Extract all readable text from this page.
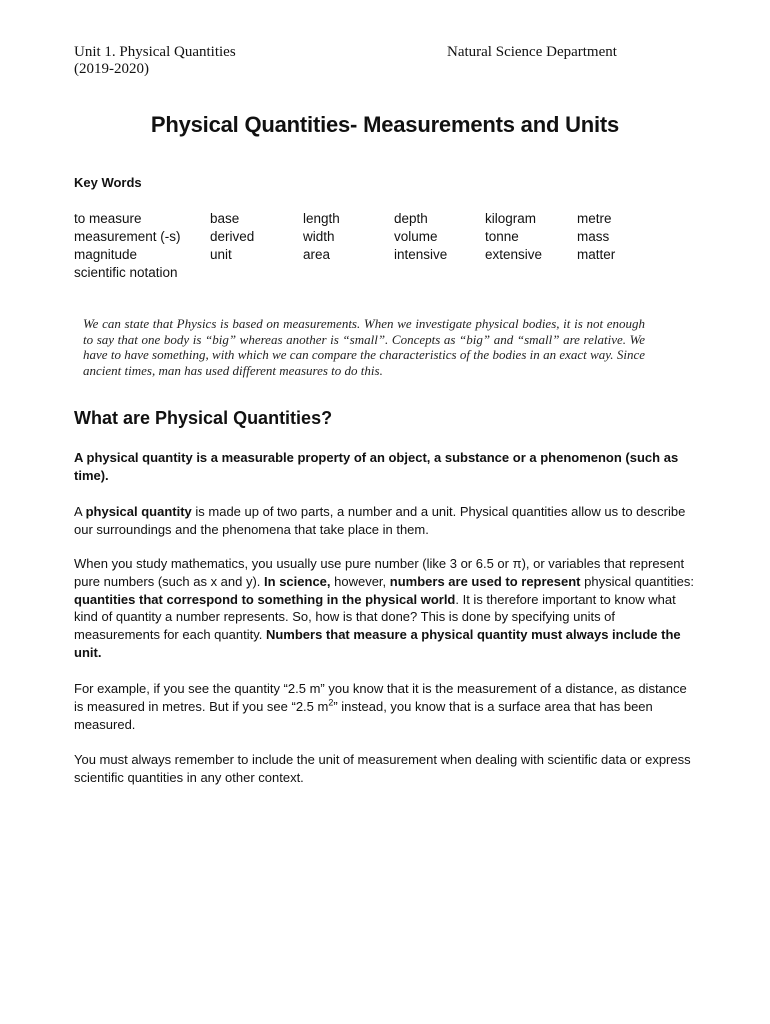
Unit 1. Physical Quantities
(2019-2020)
Natural Science Department
Physical Quantities- Measurements and Units
Key Words
to measure	base	length	depth	kilogram	metre
measurement (-s)	derived	width	volume	tonne	mass
magnitude	unit	area	intensive	extensive	matter
scientific notation
We can state that Physics is based on measurements. When we investigate physical bodies, it is not enough to say that one body is “big” whereas another is “small”. Concepts as “big” and “small” are relative. We have to have something, with which we can compare the characteristics of the bodies in an exact way. Since ancient times, man has used different measures to do this.
What are Physical Quantities?
A physical quantity is a measurable property of an object, a substance or a phenomenon (such as time).
A physical quantity is made up of two parts, a number and a unit. Physical quantities allow us to describe our surroundings and the phenomena that take place in them.
When you study mathematics, you usually use pure number (like 3 or 6.5 or π), or variables that represent pure numbers (such as x and y). In science, however, numbers are used to represent physical quantities: quantities that correspond to something in the physical world. It is therefore important to know what kind of quantity a number represents. So, how is that done? This is done by specifying units of measurements for each quantity. Numbers that measure a physical quantity must always include the unit.
For example, if you see the quantity “2.5 m” you know that it is the measurement of a distance, as distance is measured in metres. But if you see “2.5 $m^2$” instead, you know that is a surface area that has been measured.
You must always remember to include the unit of measurement when dealing with scientific data or express scientific quantities in any other context.
